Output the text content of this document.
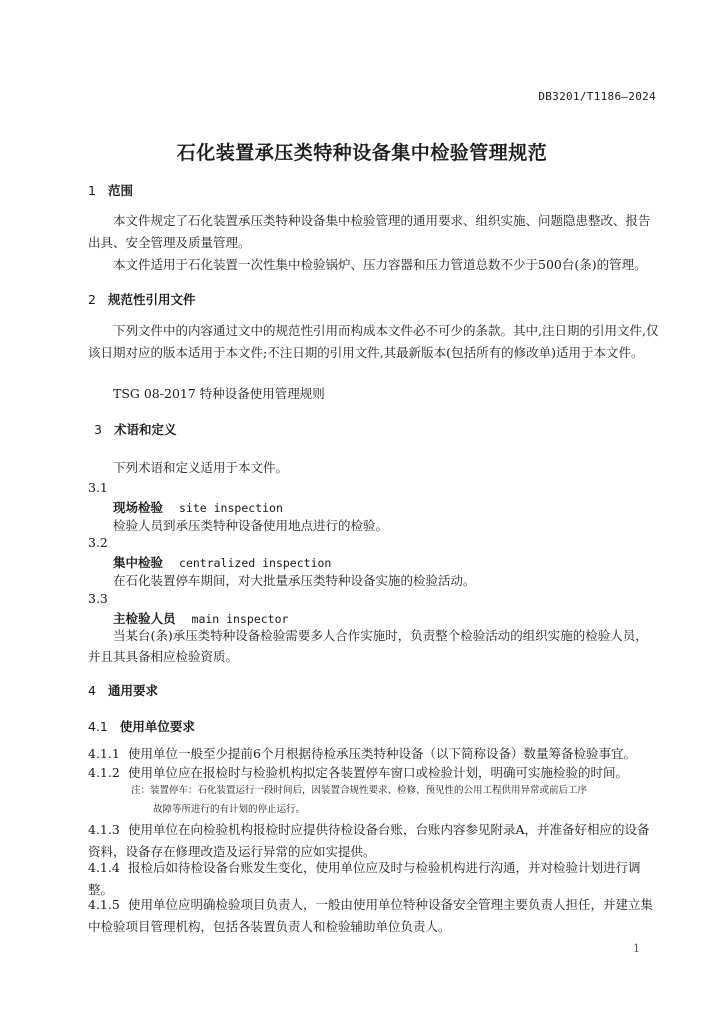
DB3201/T1186—2024
石化装置承压类特种设备集中检验管理规范
1 范围
本文件规定了石化装置承压类特种设备集中检验管理的通用要求、组织实施、问题隐患整改、报告出具、安全管理及质量管理。
本文件适用于石化装置一次性集中检验锅炉、压力容器和压力管道总数不少于500台(条)的管理。
2 规范性引用文件
下列文件中的内容通过文中的规范性引用而构成本文件必不可少的条款。其中,注日期的引用文件,仅该日期对应的版本适用于本文件;不注日期的引用文件,其最新版本(包括所有的修改单)适用于本文件。
TSG 08-2017 特种设备使用管理规则
3 术语和定义
下列术语和定义适用于本文件。
3.1
现场检验 site inspection
检验人员到承压类特种设备使用地点进行的检验。
3.2
集中检验 centralized inspection
在石化装置停车期间，对大批量承压类特种设备实施的检验活动。
3.3
主检验人员 main inspector
当某台(条)承压类特种设备检验需要多人合作实施时，负责整个检验活动的组织实施的检验人员，并且其具备相应检验资质。
4 通用要求
4.1 使用单位要求
4.1.1 使用单位一般至少提前6个月根据待检承压类特种设备（以下简称设备）数量筹备检验事宜。
4.1.2 使用单位应在报检时与检验机构拟定各装置停车窗口或检验计划，明确可实施检验的时间。
注：装置停车：石化装置运行一段时间后，因装置合规性要求、检修、预见性的公用工程供用异常或前后工序
故障等所进行的有计划的停止运行。
4.1.3 使用单位在向检验机构报检时应提供待检设备台账，台账内容参见附录A，并准备好相应的设备资料，设备存在修理改造及运行异常的应如实提供。
4.1.4 报检后如待检设备台账发生变化，使用单位应及时与检验机构进行沟通，并对检验计划进行调整。
4.1.5 使用单位应明确检验项目负责人，一般由使用单位特种设备安全管理主要负责人担任，并建立集中检验项目管理机构，包括各装置负责人和检验辅助单位负责人。
1
